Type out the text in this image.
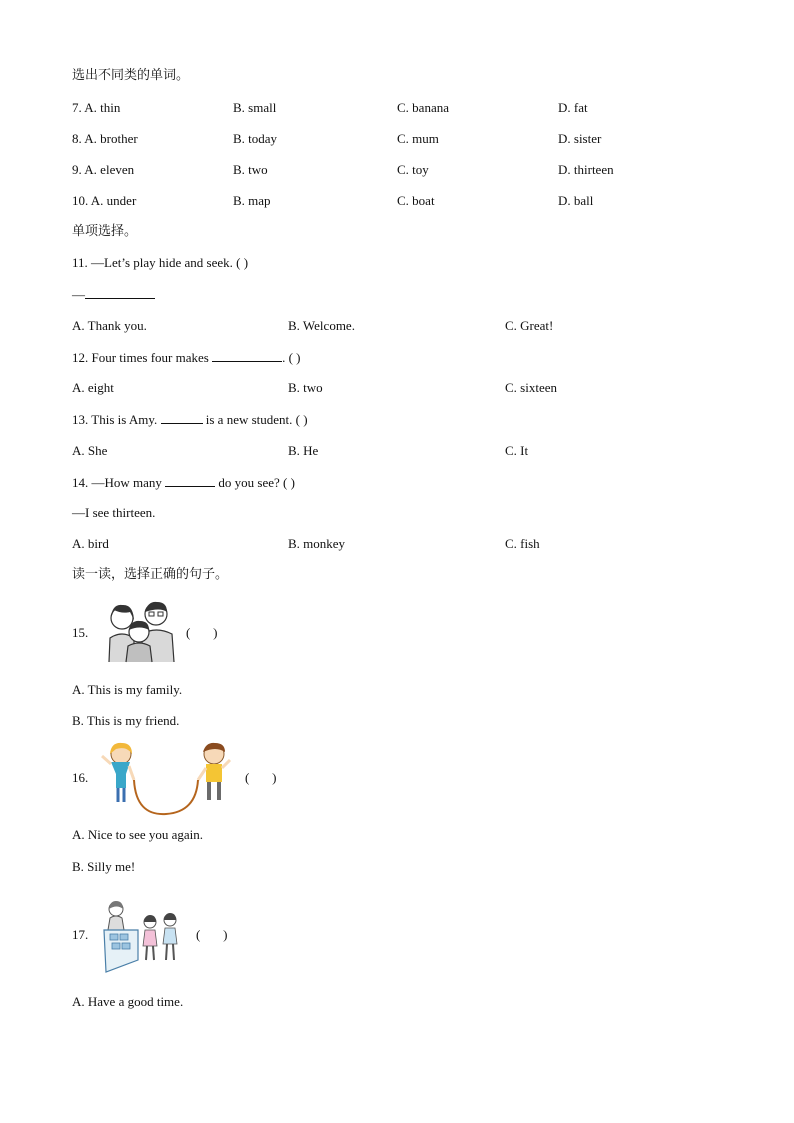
选出不同类的单词。
7. A. thin	B. small	C. banana	D. fat
8. A. brother	B. today	C. mum	D. sister
9. A. eleven	B. two	C. toy	D. thirteen
10. A. under	B. map	C. boat	D. ball
单项选择。
11. —Let’s play hide and seek. ( )
—
A. Thank you.	B. Welcome.	C. Great!
12. Four times four makes	. ( )
A. eight	B. two	C. sixteen
13. This is Amy.	is a new student. ( )
A. She	B. He	C. It
14. —How many	do you see? ( )
—I see thirteen.
A. bird	B. monkey	C. fish
读一读，选择正确的句子。
15.	(       )
A. This is my family.
B. This is my friend.
16.	(       )
A. Nice to see you again.
B. Silly me!
17.	(       )
A. Have a good time.
